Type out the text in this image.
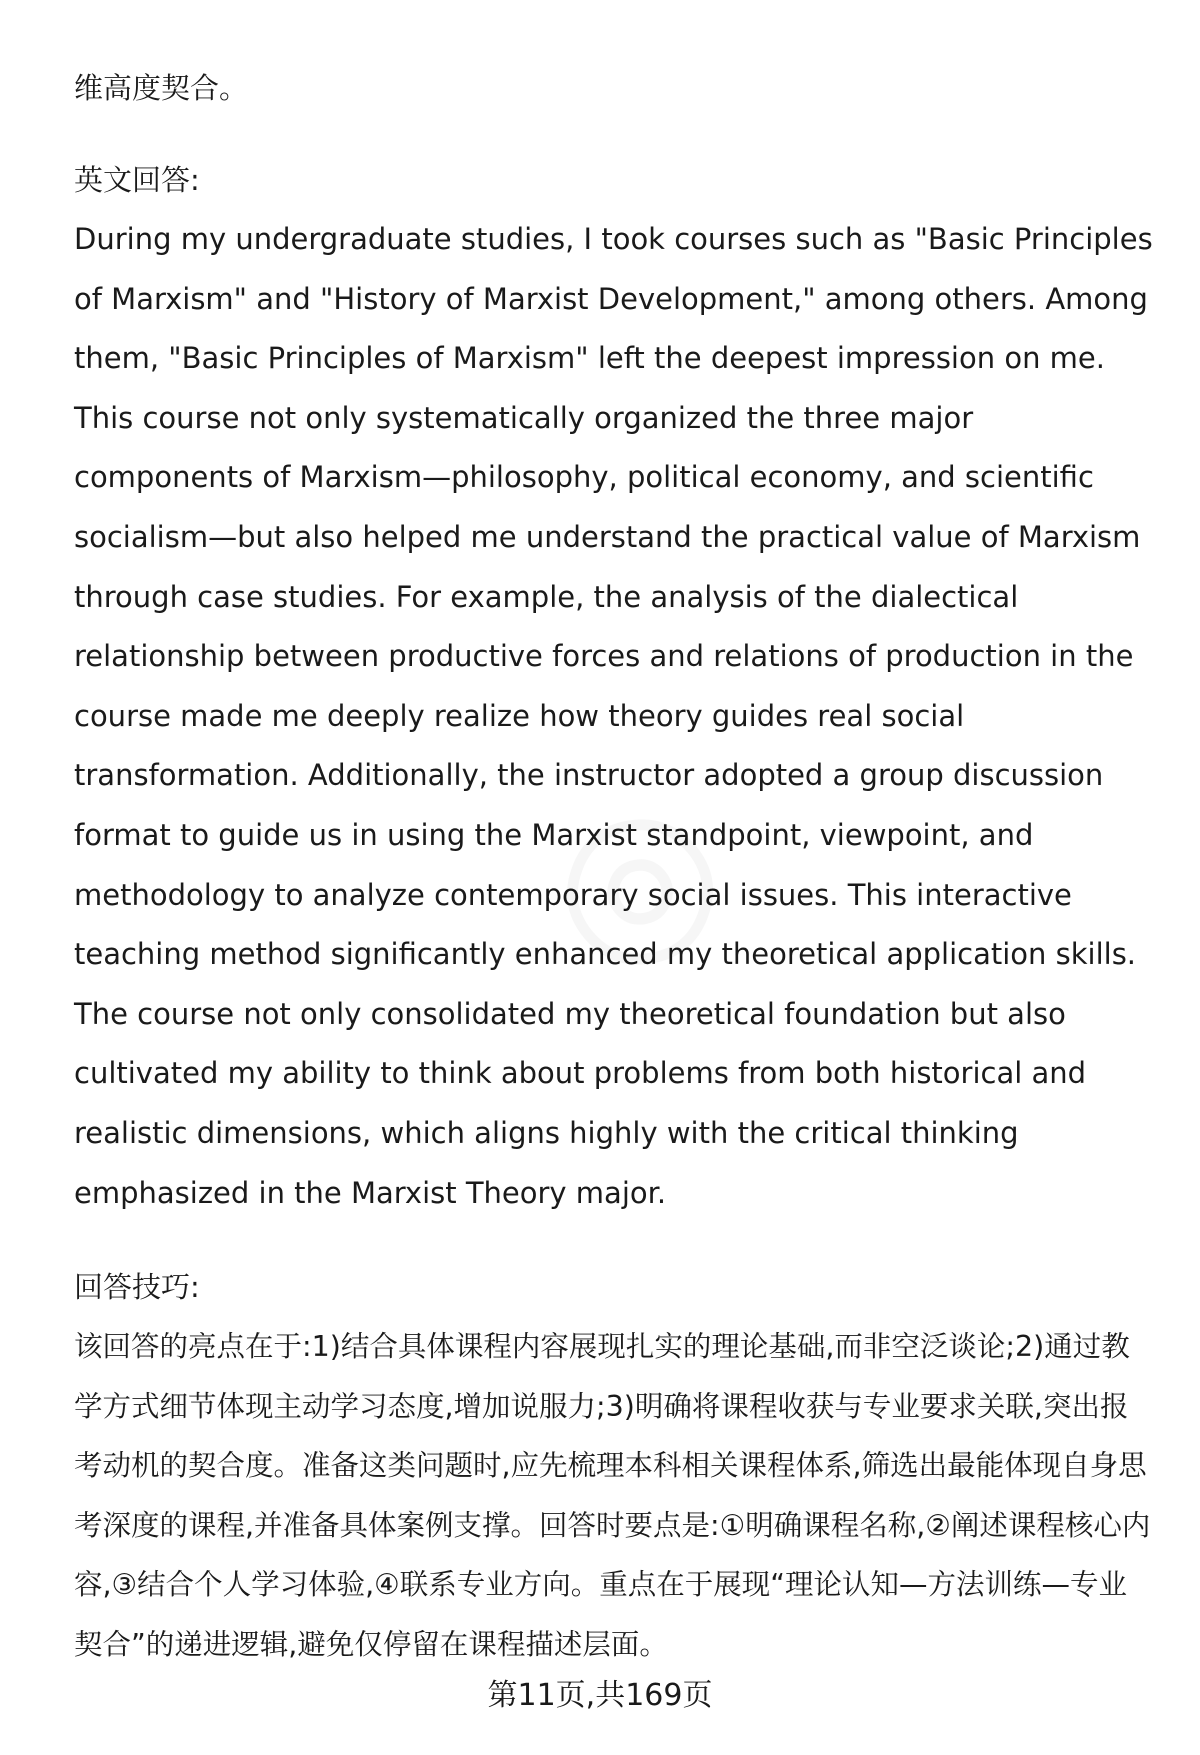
维高度契合。

英文回答:

During my undergraduate studies, I took courses such as "Basic Principles of Marxism" and "History of Marxist Development," among others. Among them, "Basic Principles of Marxism" left the deepest impression on me. This course not only systematically organized the three major components of Marxism—philosophy, political economy, and scientific socialism—but also helped me understand the practical value of Marxism through case studies. For example, the analysis of the dialectical relationship between productive forces and relations of production in the course made me deeply realize how theory guides real social transformation. Additionally, the instructor adopted a group discussion format to guide us in using the Marxist standpoint, viewpoint, and methodology to analyze contemporary social issues. This interactive teaching method significantly enhanced my theoretical application skills. The course not only consolidated my theoretical foundation but also cultivated my ability to think about problems from both historical and realistic dimensions, which aligns highly with the critical thinking emphasized in the Marxist Theory major.

回答技巧:

该回答的亮点在于:1)结合具体课程内容展现扎实的理论基础,而非空泛谈论;2)通过教学方式细节体现主动学习态度,增加说服力;3)明确将课程收获与专业要求关联,突出报考动机的契合度。准备这类问题时,应先梳理本科相关课程体系,筛选出最能体现自身思考深度的课程,并准备具体案例支撑。回答时要点是:①明确课程名称,②阐述课程核心内容,③结合个人学习体验,④联系专业方向。重点在于展现“理论认知—方法训练—专业契合”的递进逻辑,避免仅停留在课程描述层面。

第11页,共169页
